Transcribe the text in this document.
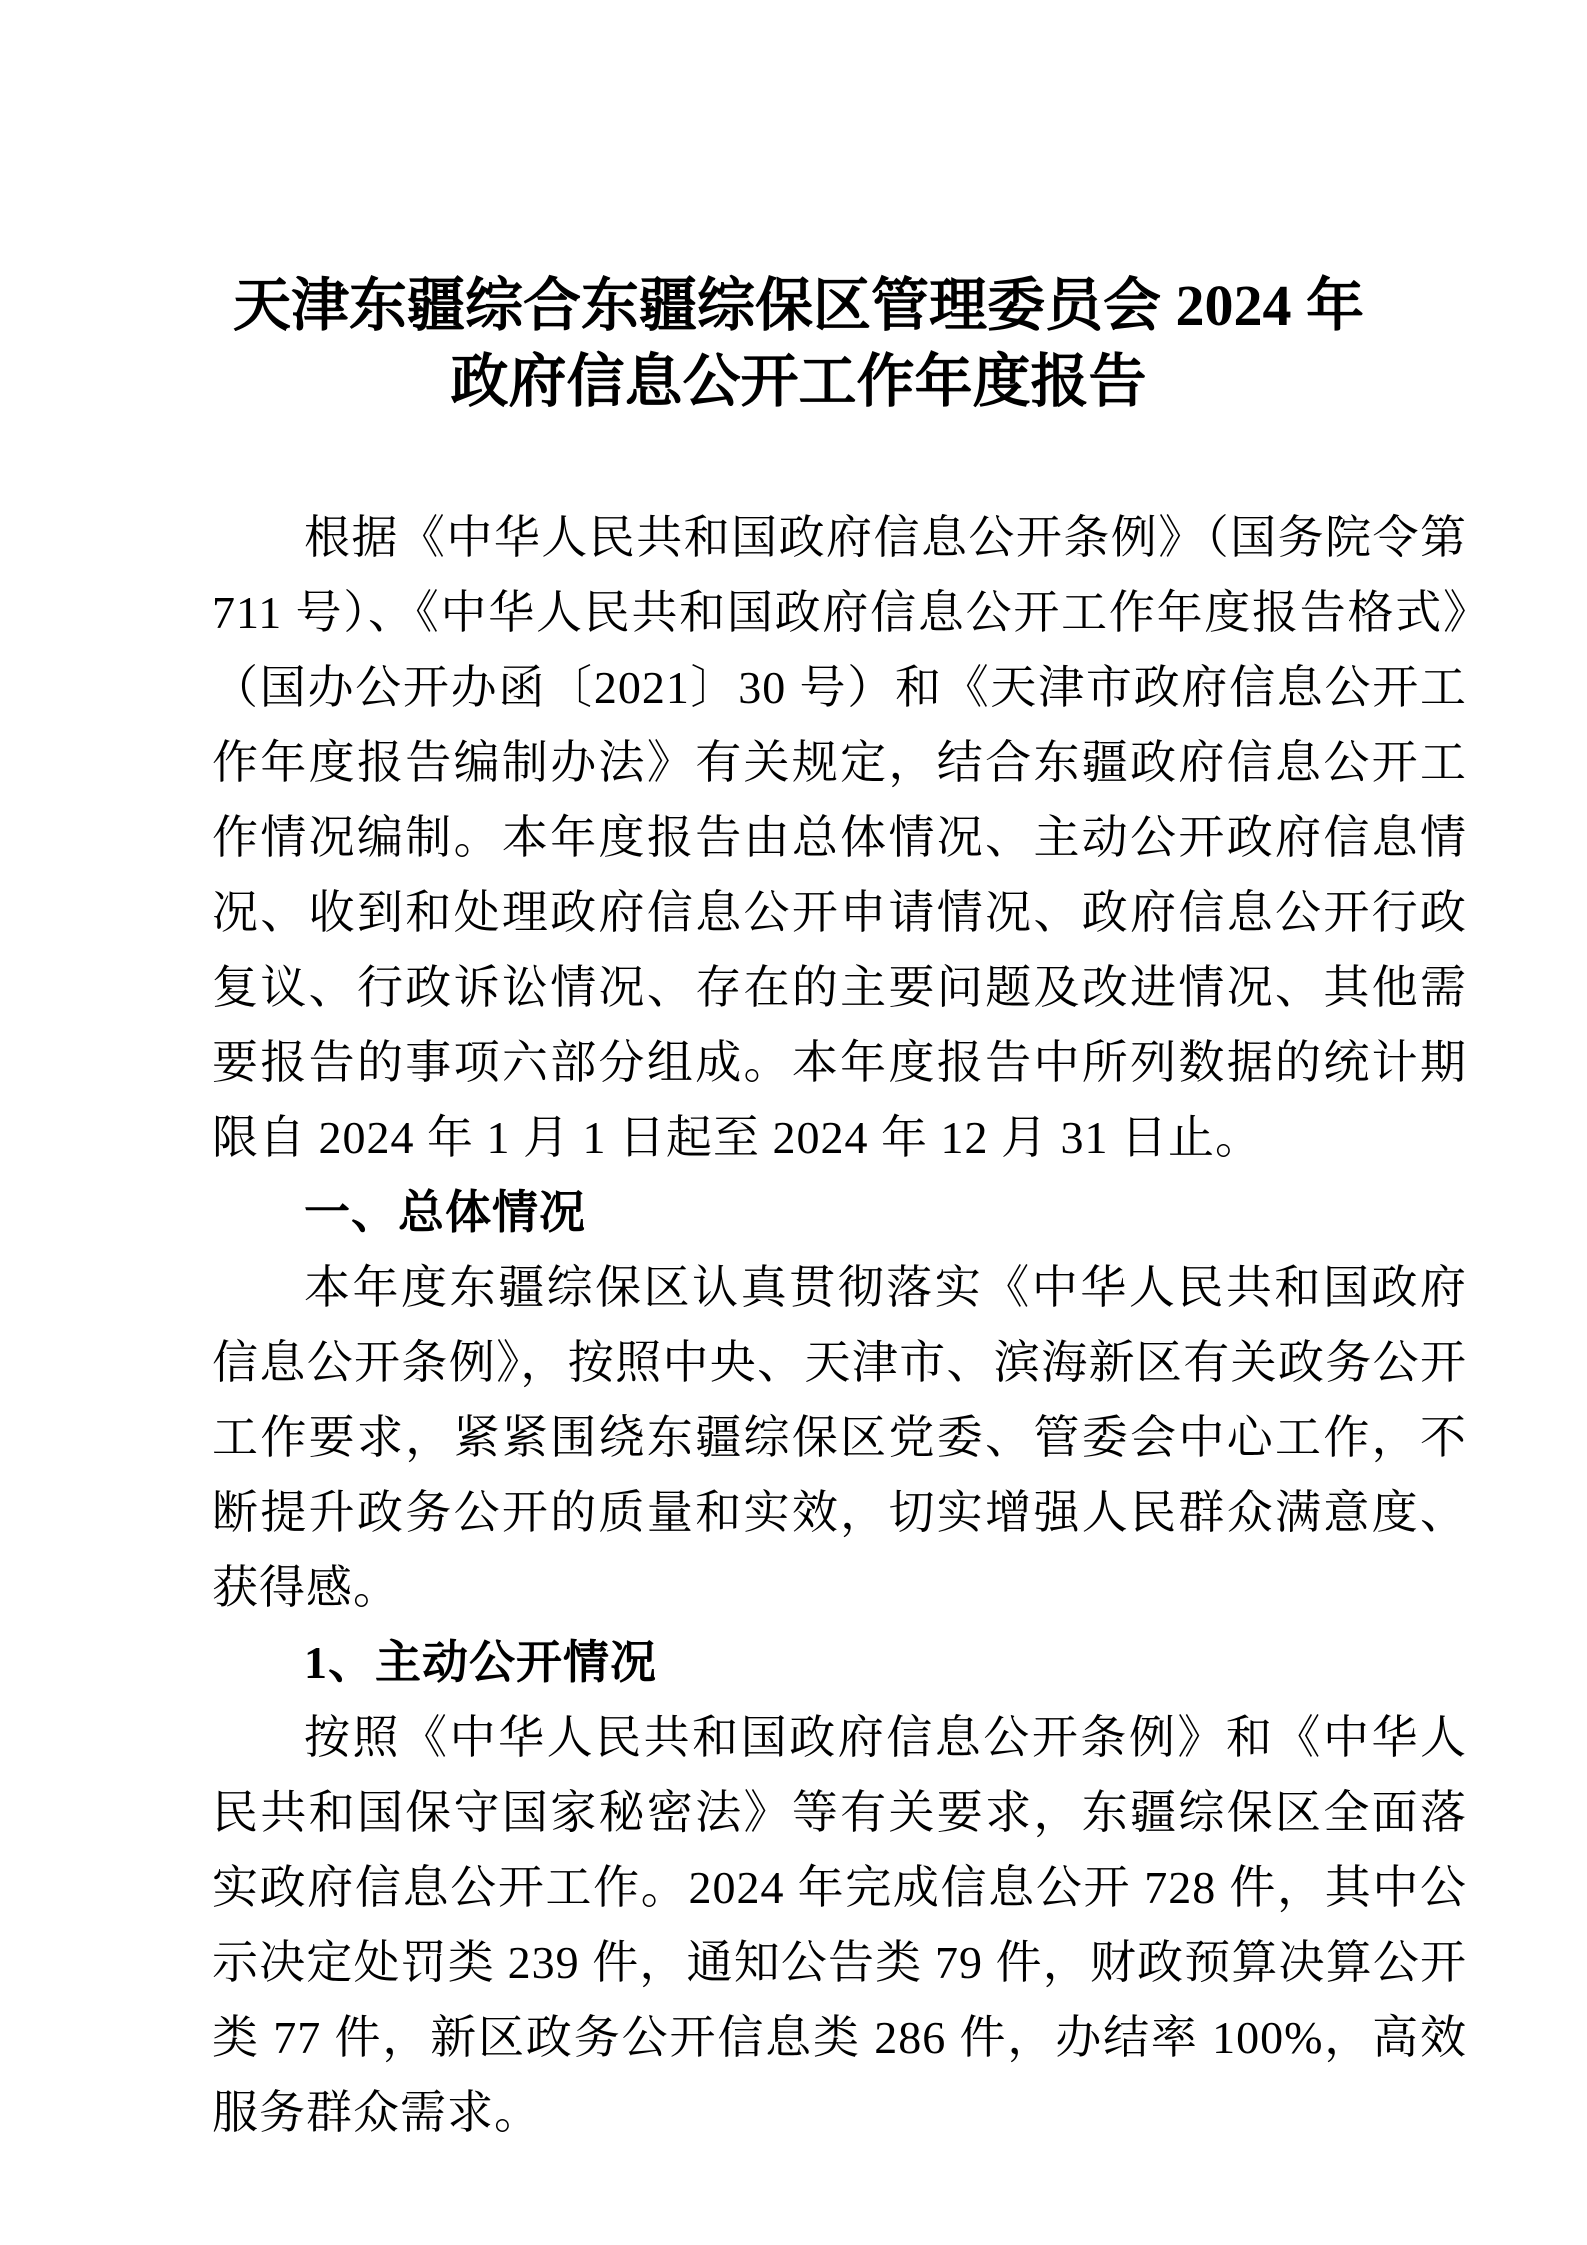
天津东疆综合东疆综保区管理委员会 2024 年
政府信息公开工作年度报告

根据《中华人民共和国政府信息公开条例》（国务院令第 711 号）、《中华人民共和国政府信息公开工作年度报告格式》（国办公开办函〔2021〕30 号）和《天津市政府信息公开工作年度报告编制办法》有关规定，结合东疆政府信息公开工作情况编制。本年度报告由总体情况、主动公开政府信息情况、收到和处理政府信息公开申请情况、政府信息公开行政复议、行政诉讼情况、存在的主要问题及改进情况、其他需要报告的事项六部分组成。本年度报告中所列数据的统计期限自 2024 年 1 月 1 日起至 2024 年 12 月 31 日止。

一、总体情况

本年度东疆综保区认真贯彻落实《中华人民共和国政府信息公开条例》，按照中央、天津市、滨海新区有关政务公开工作要求，紧紧围绕东疆综保区党委、管委会中心工作，不断提升政务公开的质量和实效，切实增强人民群众满意度、获得感。

1、主动公开情况

按照《中华人民共和国政府信息公开条例》和《中华人民共和国保守国家秘密法》等有关要求，东疆综保区全面落实政府信息公开工作。2024 年完成信息公开 728 件，其中公示决定处罚类 239 件，通知公告类 79 件，财政预算决算公开类 77 件，新区政务公开信息类 286 件，办结率 100%，高效服务群众需求。
